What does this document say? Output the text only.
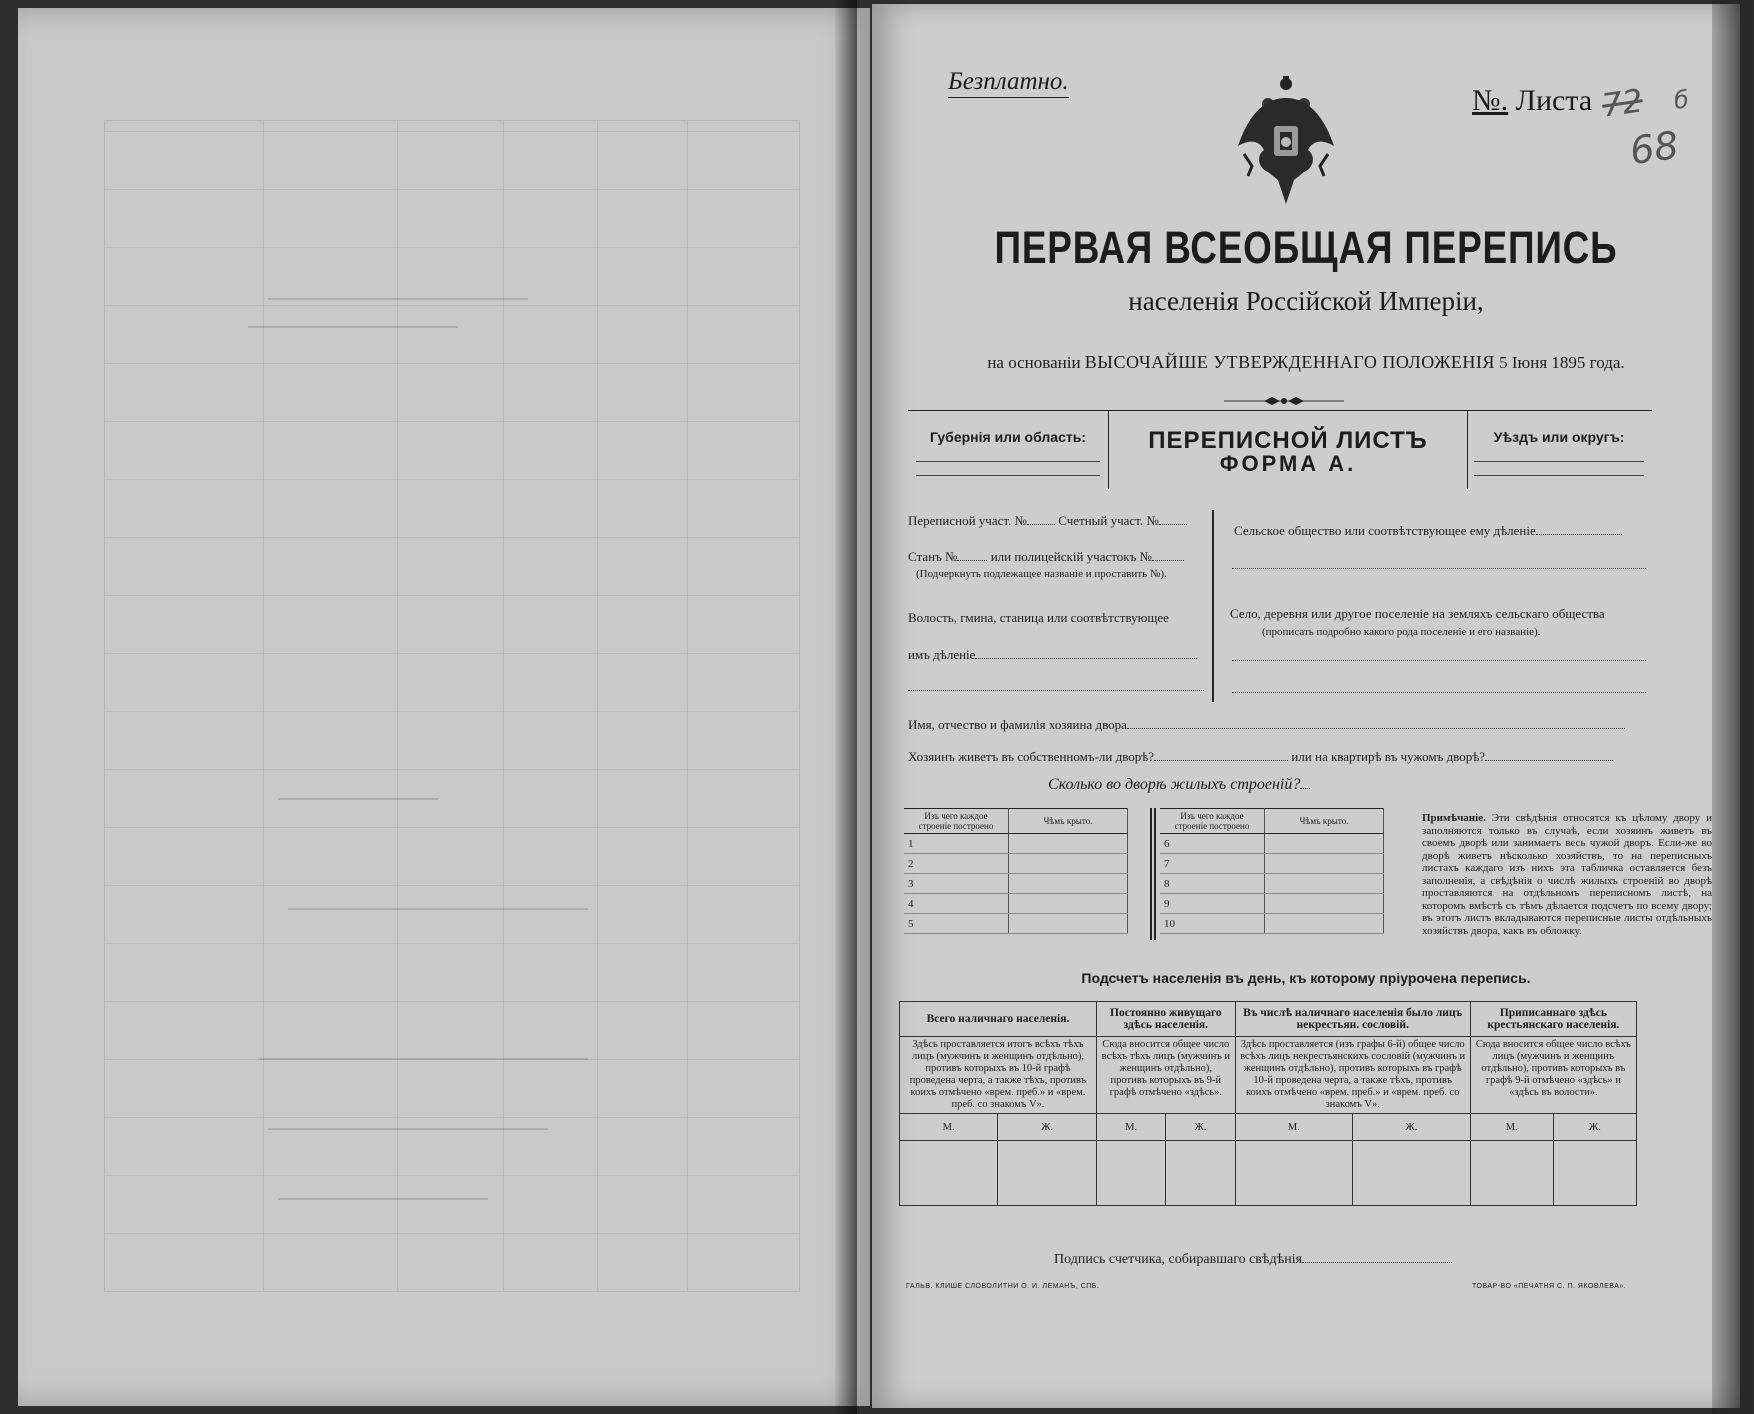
Безплатно.
№. Листа 72 б
68
ПЕРВАЯ ВСЕОБЩАЯ ПЕРЕПИСЬ
населенія Россійской Имперіи,
на основаніи ВЫСОЧАЙШЕ УТВЕРЖДЕННАГО ПОЛОЖЕНІЯ 5 Іюня 1895 года.
Губернія или область:	ПЕРЕПИСНОЙ ЛИСТЪ
ФОРМА А.
Уѣздъ или округъ:
Переписной участ. № Счетный участ. №
Станъ №	или полицейскій участокъ №
(Подчеркнуть подлежащее названіе и проставить №).
Волость, гмина, станица или соотвѣтствующее
имъ дѣленіе
Сельское общество или соотвѣтствующее ему дѣленіе
Село, деревня или другое поселеніе на земляхъ сельскаго общества
(прописать подробно какого рода поселеніе и его названіе).
Имя, отчество и фамилія хозяина двора
Хозяинъ живетъ въ собственномъ-ли дворѣ?	или на квартирѣ въ чужомъ дворѣ?
Сколько во дворѣ жилыхъ строеній?
Изъ чего каждое строеніе построено	Чѣмъ крыто.
1	
2	
3	
4	
5	
Изъ чего каждое строеніе построено	Чѣмъ крыто.
6	
7	
8	
9	
10	
Примѣчаніе. Эти свѣдѣнія относятся къ цѣлому двору и заполняются только въ случаѣ, если хозяинъ живетъ въ своемъ дворѣ или занимаетъ весь чужой дворъ. Если-же во дворѣ живетъ нѣсколько хозяйствъ, то на переписныхъ листахъ каждаго изъ нихъ эта табличка оставляется безъ заполненія, а свѣдѣнія о числѣ жилыхъ строеній во дворѣ проставляются на отдѣльномъ переписномъ листѣ, на которомъ вмѣстѣ съ тѣмъ дѣлается подсчетъ по всему двору; въ этотъ листъ вкладываются переписные листы отдѣльныхъ хозяйствъ двора, какъ въ обложку.
Подсчетъ населенія въ день, къ которому пріурочена перепись.
Всего наличнаго населенія.		Постоянно живущаго здѣсь населенія.		Въ числѣ наличнаго населенія было лицъ некрестьян. сословій.		Приписаннаго здѣсь крестьянскаго населенія.	
Здѣсь проставляется итогъ всѣхъ тѣхъ лицъ (мужчинъ и женщинъ отдѣльно), противъ которыхъ въ 10-й графѣ проведена черта, а также тѣхъ, противъ коихъ отмѣчено «врем. преб.» и «врем. преб. со знакомъ V».		Сюда вносится общее число всѣхъ тѣхъ лицъ (мужчинъ и женщинъ отдѣльно), противъ которыхъ въ 9-й графѣ отмѣчено «здѣсь».		Здѣсь проставляется (изъ графы 6-й) общее число всѣхъ лицъ некрестьянскихъ сословій (мужчинъ и женщинъ отдѣльно), противъ которыхъ въ графѣ 10-й проведена черта, а также тѣхъ, противъ коихъ отмѣчено «врем. преб.» и «врем. преб. со знакомъ V».		Сюда вносится общее число всѣхъ лицъ (мужчинъ и женщинъ отдѣльно), противъ которыхъ въ графѣ 9-й отмѣчено «здѣсь» и «здѣсь въ волости».	
М.	Ж.	М.	Ж.	М.	Ж.	М.	Ж.

Подпись счетчика, собиравшаго свѣдѣнія
ГАЛЬВ. КЛИШЕ СЛОВОЛИТНИ О. И. ЛЕМАНЪ, СПБ.	ТОВАР-ВО «ПЕЧАТНЯ С. П. ЯКОВЛЕВА».
